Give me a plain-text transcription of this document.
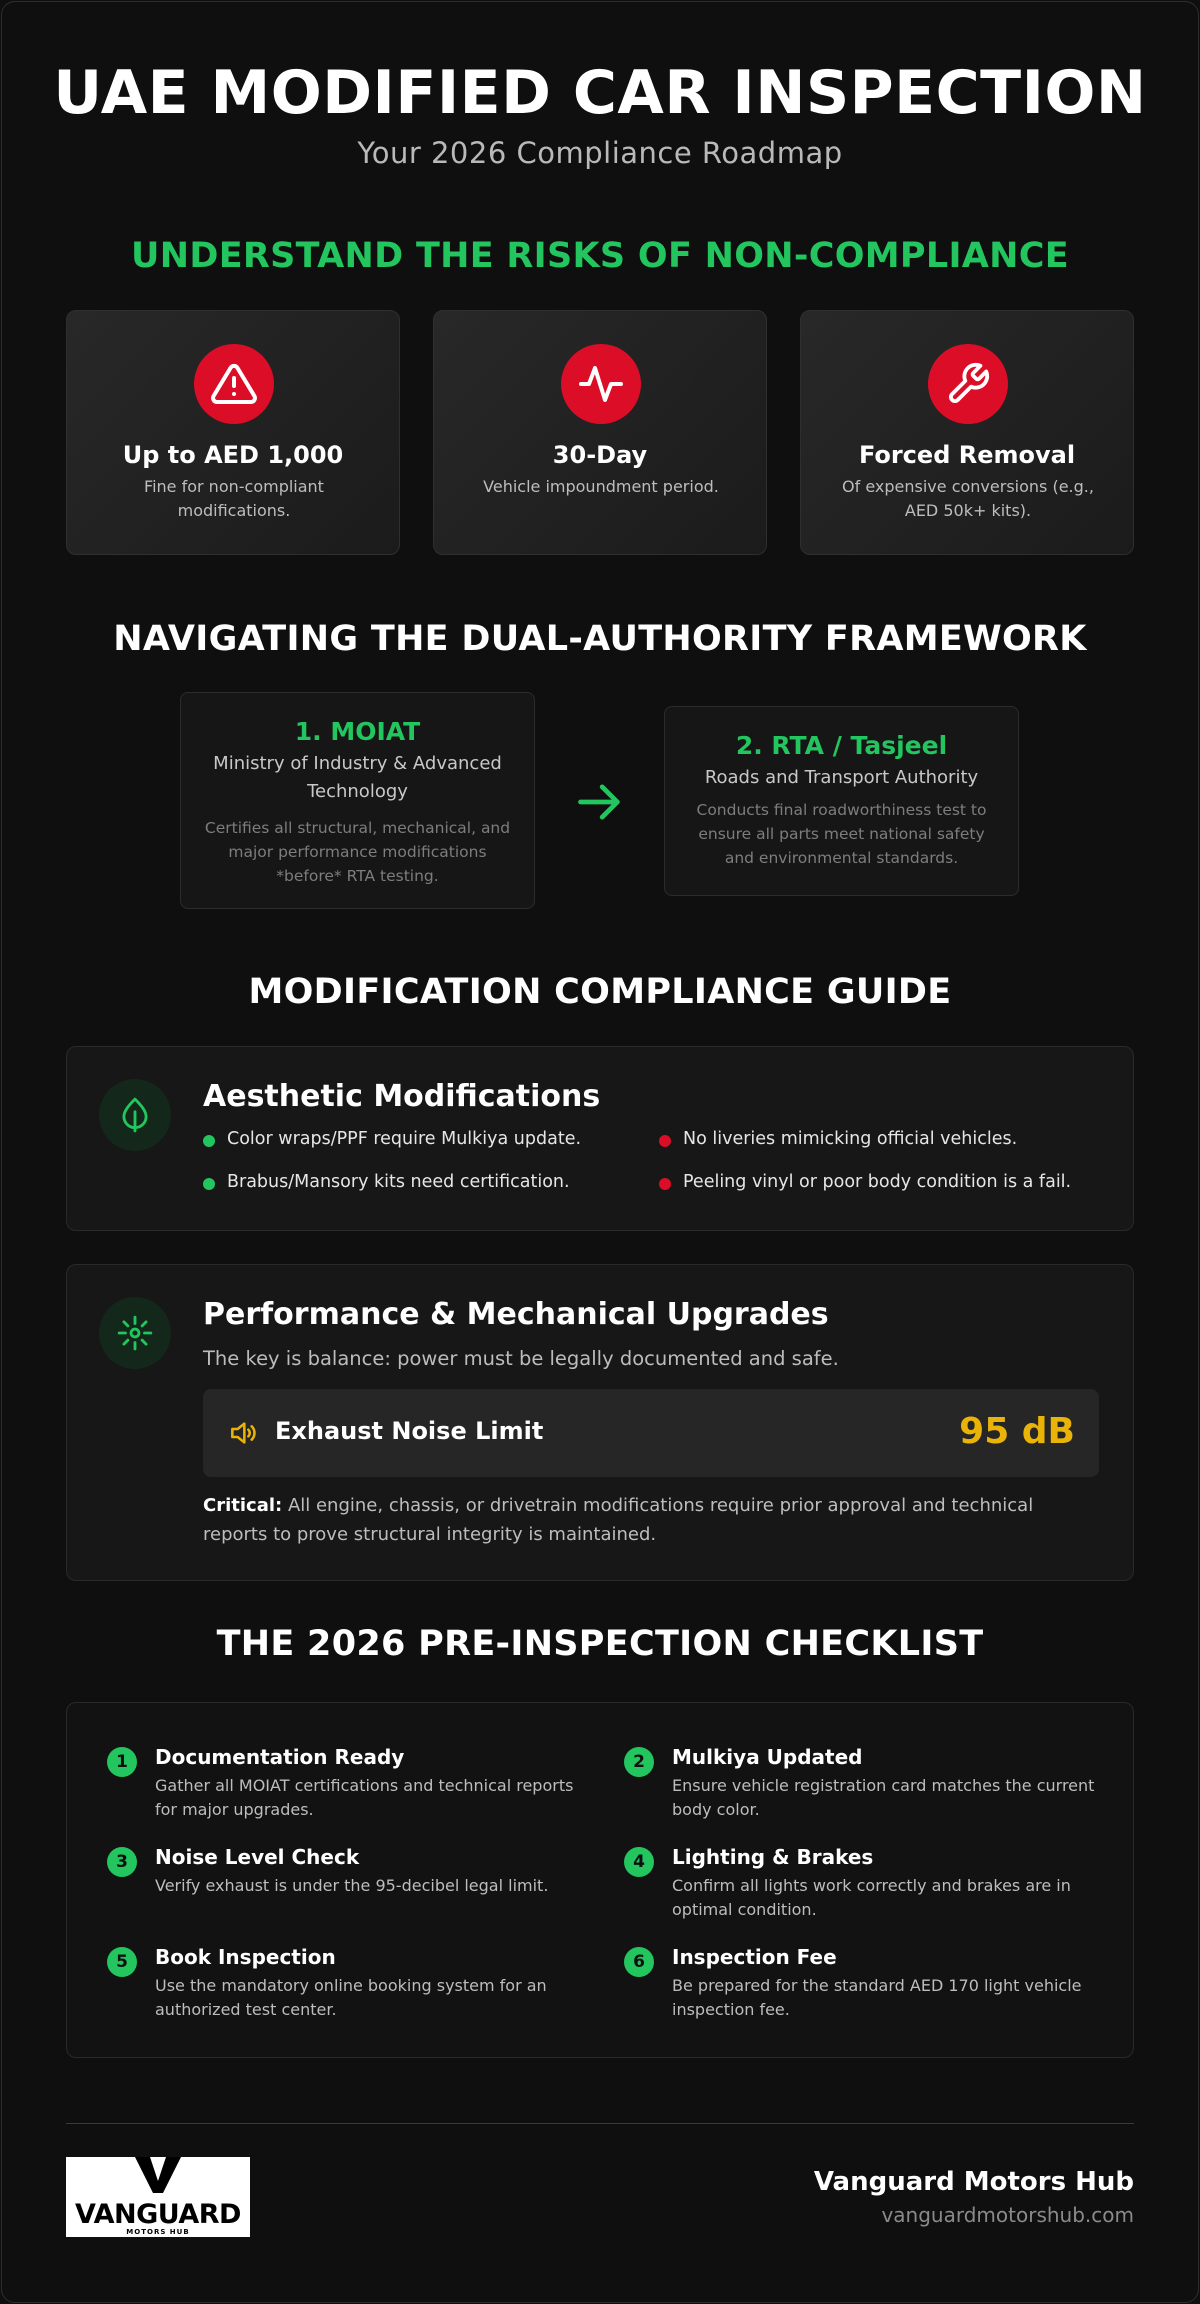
UAE MODIFIED CAR INSPECTION
Your 2026 Compliance Roadmap
UNDERSTAND THE RISKS OF NON-COMPLIANCE
Up to AED 1,000
Fine for non-compliant modifications.
30-Day
Vehicle impoundment period.
Forced Removal
Of expensive conversions (e.g., AED 50k+ kits).
NAVIGATING THE DUAL-AUTHORITY FRAMEWORK
1. MOIAT
Ministry of Industry & Advanced Technology
Certifies all structural, mechanical, and major performance modifications *before* RTA testing.
2. RTA / Tasjeel
Roads and Transport Authority
Conducts final roadworthiness test to ensure all parts meet national safety and environmental standards.
MODIFICATION COMPLIANCE GUIDE
Aesthetic Modifications
Color wraps/PPF require Mulkiya update.
Brabus/Mansory kits need certification.
No liveries mimicking official vehicles.
Peeling vinyl or poor body condition is a fail.
Performance & Mechanical Upgrades
The key is balance: power must be legally documented and safe.
Exhaust Noise Limit	95 dB
Critical: All engine, chassis, or drivetrain modifications require prior approval and technical reports to prove structural integrity is maintained.
THE 2026 PRE-INSPECTION CHECKLIST
1	Documentation Ready
Gather all MOIAT certifications and technical reports for major upgrades.
2	Mulkiya Updated
Ensure vehicle registration card matches the current body color.
3	Noise Level Check
Verify exhaust is under the 95-decibel legal limit.
4	Lighting & Brakes
Confirm all lights work correctly and brakes are in optimal condition.
5	Book Inspection
Use the mandatory online booking system for an authorized test center.
6	Inspection Fee
Be prepared for the standard AED 170 light vehicle inspection fee.
VANGUARD
MOTORS HUB
Vanguard Motors Hub
vanguardmotorshub.com
